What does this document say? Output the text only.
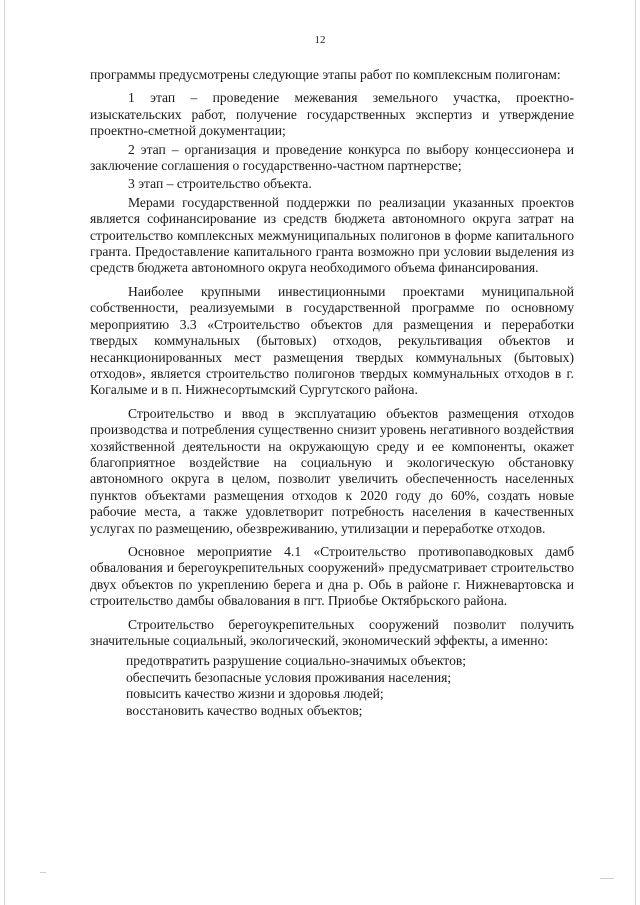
12

программы предусмотрены следующие этапы работ по комплексным полигонам:

1 этап – проведение межевания земельного участка, проектно-изыскательских работ, получение государственных экспертиз и утверждение проектно-сметной документации;

2 этап – организация и проведение конкурса по выбору концессионера и заключение соглашения о государственно-частном партнерстве;

3 этап – строительство объекта.

Мерами государственной поддержки по реализации указанных проектов является софинансирование из средств бюджета автономного округа затрат на строительство комплексных межмуниципальных полигонов в форме капитального гранта. Предоставление капитального гранта возможно при условии выделения из средств бюджета автономного округа необходимого объема финансирования.

Наиболее крупными инвестиционными проектами муниципальной собственности, реализуемыми в государственной программе по основному мероприятию 3.3 «Строительство объектов для размещения и переработки твердых коммунальных (бытовых) отходов, рекультивация объектов и несанкционированных мест размещения твердых коммунальных (бытовых) отходов», является строительство полигонов твердых коммунальных отходов в г. Когалыме и в п. Нижнесортымский Сургутского района.

Строительство и ввод в эксплуатацию объектов размещения отходов производства и потребления существенно снизит уровень негативного воздействия хозяйственной деятельности на окружающую среду и ее компоненты, окажет благоприятное воздействие на социальную и экологическую обстановку автономного округа в целом, позволит увеличить обеспеченность населенных пунктов объектами размещения отходов к 2020 году до 60%, создать новые рабочие места, а также удовлетворит потребность населения в качественных услугах по размещению, обезвреживанию, утилизации и переработке отходов.

Основное мероприятие 4.1 «Строительство противопаводковых дамб обвалования и берегоукрепительных сооружений» предусматривает строительство двух объектов по укреплению берега и дна р. Обь в районе г. Нижневартовска и строительство дамбы обвалования в пгт. Приобье Октябрьского района.

Строительство берегоукрепительных сооружений позволит получить значительные социальный, экологический, экономический эффекты, а именно:

предотвратить разрушение социально-значимых объектов;

обеспечить безопасные условия проживания населения;

повысить качество жизни и здоровья людей;

восстановить качество водных объектов;
